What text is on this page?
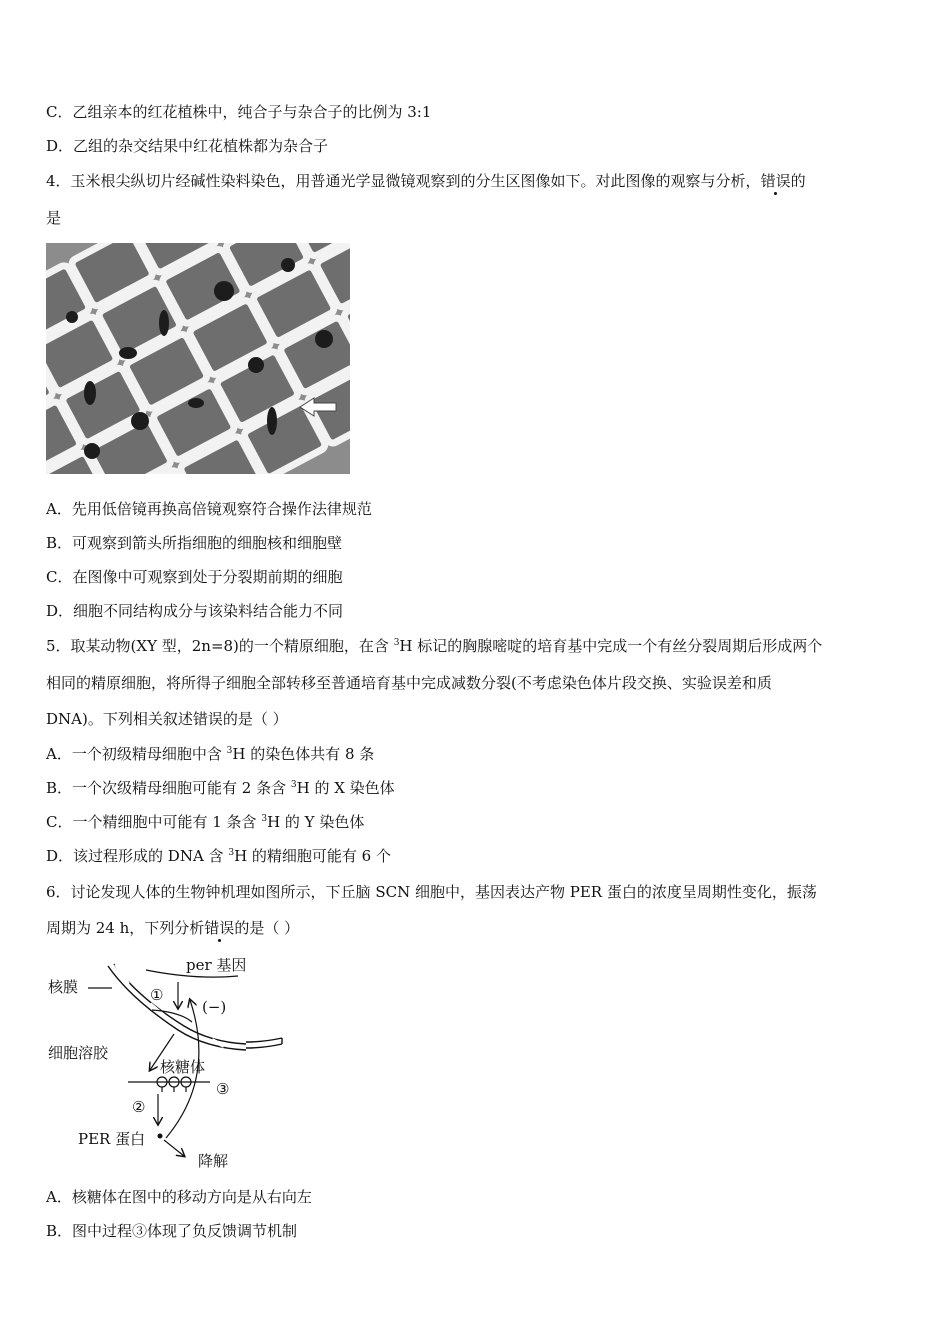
C．乙组亲本的红花植株中，纯合子与杂合子的比例为 3:1
D．乙组的杂交结果中红花植株都为杂合子
4．玉米根尖纵切片经碱性染料染色，用普通光学显微镜观察到的分生区图像如下。对此图像的观察与分析，错误的
是
A．先用低倍镜再换高倍镜观察符合操作法律规范
B．可观察到箭头所指细胞的细胞核和细胞壁
C．在图像中可观察到处于分裂期前期的细胞
D．细胞不同结构成分与该染料结合能力不同
5．取某动物(XY 型，2n=8)的一个精原细胞，在含 $^3$H 标记的胸腺嘧啶的培育基中完成一个有丝分裂周期后形成两个
相同的精原细胞，将所得子细胞全部转移至普通培育基中完成减数分裂(不考虑染色体片段交换、实验误差和质
DNA)。下列相关叙述错误的是（ ）
A．一个初级精母细胞中含 $^3$H 的染色体共有 8 条
B．一个次级精母细胞可能有 2 条含 $^3$H 的 X 染色体
C．一个精细胞中可能有 1 条含 $^3$H 的 Y 染色体
D．该过程形成的 DNA 含 $^3$H 的精细胞可能有 6 个
6．讨论发现人体的生物钟机理如图所示，下丘脑 SCN 细胞中，基因表达产物 PER 蛋白的浓度呈周期性变化，振荡
周期为 24 h，下列分析错误的是（ ）
per 基因
核膜	①
(−)
细胞溶胶
核糖体
③
②
PER 蛋白
降解
A．核糖体在图中的移动方向是从右向左
B．图中过程③体现了负反馈调节机制
